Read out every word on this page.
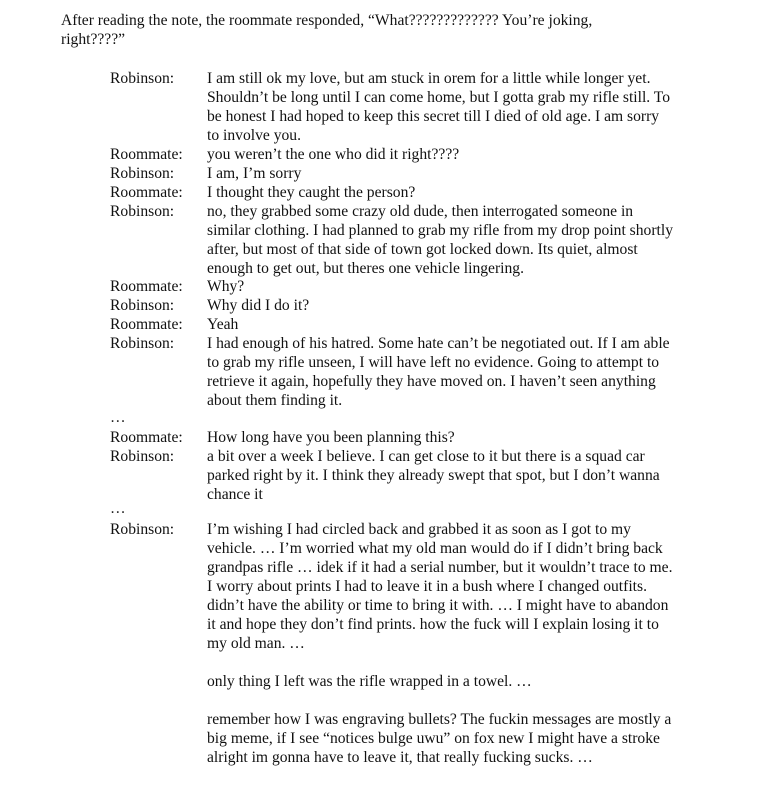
After reading the note, the roommate responded, “What????????????? You’re joking,
right????”
Robinson:	I am still ok my love, but am stuck in orem for a little while longer yet.
Shouldn’t be long until I can come home, but I gotta grab my rifle still. To
be honest I had hoped to keep this secret till I died of old age. I am sorry
to involve you.
Roommate:	you weren’t the one who did it right????
Robinson:	I am, I’m sorry
Roommate:	I thought they caught the person?
Robinson:	no, they grabbed some crazy old dude, then interrogated someone in
similar clothing. I had planned to grab my rifle from my drop point shortly
after, but most of that side of town got locked down. Its quiet, almost
enough to get out, but theres one vehicle lingering.
Roommate:	Why?
Robinson:	Why did I do it?
Roommate:	Yeah
Robinson:	I had enough of his hatred. Some hate can’t be negotiated out. If I am able
to grab my rifle unseen, I will have left no evidence. Going to attempt to
retrieve it again, hopefully they have moved on. I haven’t seen anything
about them finding it.
…
Roommate:	How long have you been planning this?
Robinson:	a bit over a week I believe. I can get close to it but there is a squad car
parked right by it. I think they already swept that spot, but I don’t wanna
chance it
…
Robinson:	I’m wishing I had circled back and grabbed it as soon as I got to my
vehicle. … I’m worried what my old man would do if I didn’t bring back
grandpas rifle … idek if it had a serial number, but it wouldn’t trace to me.
I worry about prints I had to leave it in a bush where I changed outfits.
didn’t have the ability or time to bring it with. … I might have to abandon
it and hope they don’t find prints. how the fuck will I explain losing it to
my old man. …
only thing I left was the rifle wrapped in a towel. …
remember how I was engraving bullets? The fuckin messages are mostly a
big meme, if I see “notices bulge uwu” on fox new I might have a stroke
alright im gonna have to leave it, that really fucking sucks. …
